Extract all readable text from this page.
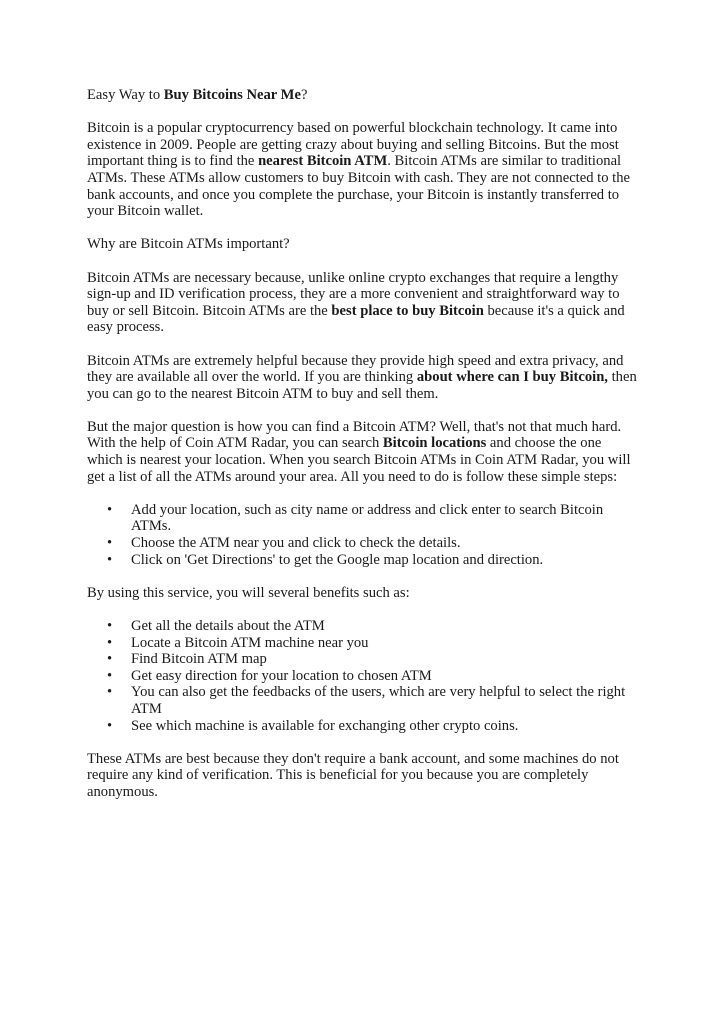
Easy Way to Buy Bitcoins Near Me?

Bitcoin is a popular cryptocurrency based on powerful blockchain technology. It came into existence in 2009. People are getting crazy about buying and selling Bitcoins. But the most important thing is to find the nearest Bitcoin ATM. Bitcoin ATMs are similar to traditional ATMs. These ATMs allow customers to buy Bitcoin with cash. They are not connected to the bank accounts, and once you complete the purchase, your Bitcoin is instantly transferred to your Bitcoin wallet.

Why are Bitcoin ATMs important?

Bitcoin ATMs are necessary because, unlike online crypto exchanges that require a lengthy sign-up and ID verification process, they are a more convenient and straightforward way to buy or sell Bitcoin. Bitcoin ATMs are the best place to buy Bitcoin because it's a quick and easy process.

Bitcoin ATMs are extremely helpful because they provide high speed and extra privacy, and they are available all over the world. If you are thinking about where can I buy Bitcoin, then you can go to the nearest Bitcoin ATM to buy and sell them.

But the major question is how you can find a Bitcoin ATM? Well, that's not that much hard. With the help of Coin ATM Radar, you can search Bitcoin locations and choose the one which is nearest your location. When you search Bitcoin ATMs in Coin ATM Radar, you will get a list of all the ATMs around your area. All you need to do is follow these simple steps:

• Add your location, such as city name or address and click enter to search Bitcoin ATMs.
• Choose the ATM near you and click to check the details.
• Click on 'Get Directions' to get the Google map location and direction.

By using this service, you will several benefits such as:

• Get all the details about the ATM
• Locate a Bitcoin ATM machine near you
• Find Bitcoin ATM map
• Get easy direction for your location to chosen ATM
• You can also get the feedbacks of the users, which are very helpful to select the right ATM
• See which machine is available for exchanging other crypto coins.

These ATMs are best because they don't require a bank account, and some machines do not require any kind of verification. This is beneficial for you because you are completely anonymous.
